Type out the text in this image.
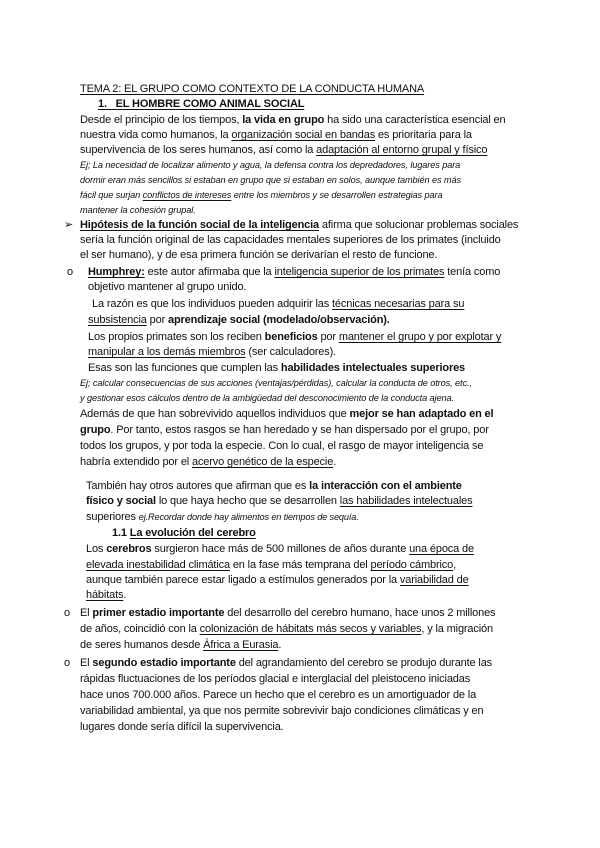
TEMA 2: EL GRUPO COMO CONTEXTO DE LA CONDUCTA HUMANA
1. EL HOMBRE COMO ANIMAL SOCIAL
Desde el principio de los tiempos, la vida en grupo ha sido una característica esencial en
nuestra vida como humanos, la organización social en bandas es prioritaria para la
supervivencia de los seres humanos, así como la adaptación al entorno grupal y físico
Ej; La necesidad de localizar alimento y agua, la defensa contra los depredadores, lugares para
dormir eran más sencillos si estaban en grupo que si estaban en solos, aunque también es más
fácil que surjan conflictos de intereses entre los miembros y se desarrollen estrategias para
mantener la cohesión grupal.
➢ Hipótesis de la función social de la inteligencia afirma que solucionar problemas sociales
sería la función original de las capacidades mentales superiores de los primates (incluido
el ser humano), y de esa primera función se derivarían el resto de funcione.
o Humphrey: este autor afirmaba que la inteligencia superior de los primates tenía como
objetivo mantener al grupo unido.
La razón es que los individuos pueden adquirir las técnicas necesarias para su
subsistencia por aprendizaje social (modelado/observación).
Los propios primates son los reciben beneficios por mantener el grupo y por explotar y
manipular a los demás miembros (ser calculadores).
Esas son las funciones que cumplen las habilidades intelectuales superiores
Ej; calcular consecuencias de sus acciones (ventajas/pérdidas), calcular la conducta de otros, etc.,
y gestionar esos cálculos dentro de la ambigüedad del desconocimiento de la conducta ajena.
Además de que han sobrevivido aquellos individuos que mejor se han adaptado en el
grupo. Por tanto, estos rasgos se han heredado y se han dispersado por el grupo, por
todos los grupos, y por toda la especie. Con lo cual, el rasgo de mayor inteligencia se
habría extendido por el acervo genético de la especie.
También hay otros autores que afirman que es la interacción con el ambiente
físico y social lo que haya hecho que se desarrollen las habilidades intelectuales
superiores ej.Recordar donde hay alimentos en tiempos de sequía.
1.1 La evolución del cerebro
Los cerebros surgieron hace más de 500 millones de años durante una época de
elevada inestabilidad climática en la fase más temprana del período cámbrico,
aunque también parece estar ligado a estímulos generados por la variabilidad de
hábitats.
o El primer estadio importante del desarrollo del cerebro humano, hace unos 2 millones
de años, coincidió con la colonización de hábitats más secos y variables, y la migración
de seres humanos desde África a Eurasia.
o El segundo estadio importante del agrandamiento del cerebro se produjo durante las
rápidas fluctuaciones de los períodos glacial e interglacial del pleistoceno iniciadas
hace unos 700.000 años. Parece un hecho que el cerebro es un amortiguador de la
variabilidad ambiental, ya que nos permite sobrevivir bajo condiciones climáticas y en
lugares donde sería difícil la supervivencia.
